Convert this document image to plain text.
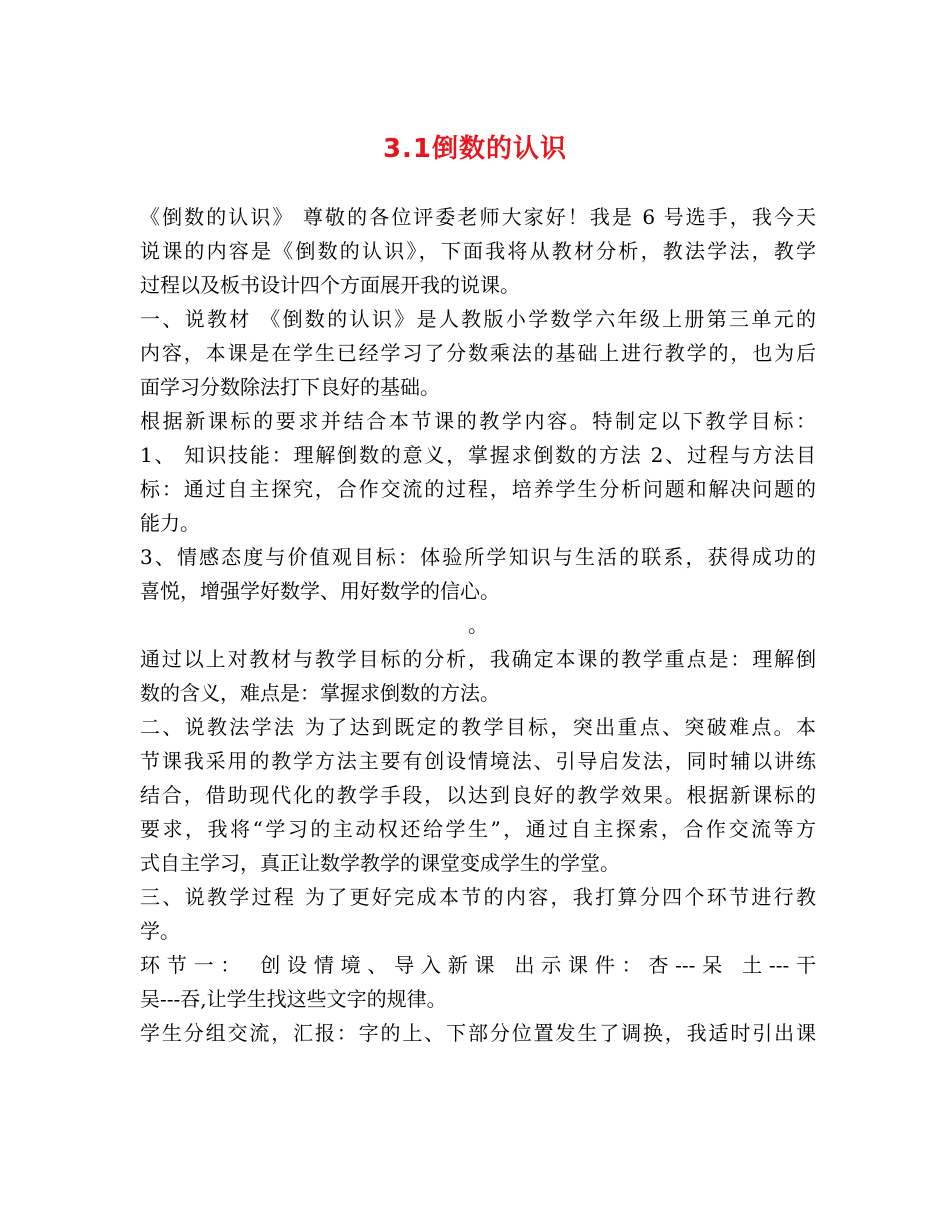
3.1倒数的认识
《倒数的认识》 尊敬的各位评委老师大家好！我是 6 号选手，我今天
说课的内容是《倒数的认识》，下面我将从教材分析，教法学法，教学
过程以及板书设计四个方面展开我的说课。
一、说教材 《倒数的认识》是人教版小学数学六年级上册第三单元的
内容，本课是在学生已经学习了分数乘法的基础上进行教学的，也为后
面学习分数除法打下良好的基础。
根据新课标的要求并结合本节课的教学内容。特制定以下教学目标：
1、 知识技能：理解倒数的意义，掌握求倒数的方法 2、过程与方法目
标：通过自主探究，合作交流的过程，培养学生分析问题和解决问题的
能力。
3、情感态度与价值观目标：体验所学知识与生活的联系，获得成功的
喜悦，增强学好数学、用好数学的信心。
。
通过以上对教材与教学目标的分析，我确定本课的教学重点是：理解倒
数的含义，难点是：掌握求倒数的方法。
二、说教法学法 为了达到既定的教学目标，突出重点、突破难点。本
节课我采用的教学方法主要有创设情境法、引导启发法，同时辅以讲练
结合，借助现代化的教学手段，以达到良好的教学效果。根据新课标的
要求，我将“学习的主动权还给学生”，通过自主探索，合作交流等方
式自主学习，真正让数学教学的课堂变成学生的学堂。
三、说教学过程 为了更好完成本节的内容，我打算分四个环节进行教
学。
环节一： 创设情境、导入新课 出示课件：杏---呆 土---干
吴---吞,让学生找这些文字的规律。
学生分组交流，汇报：字的上、下部分位置发生了调换，我适时引出课
